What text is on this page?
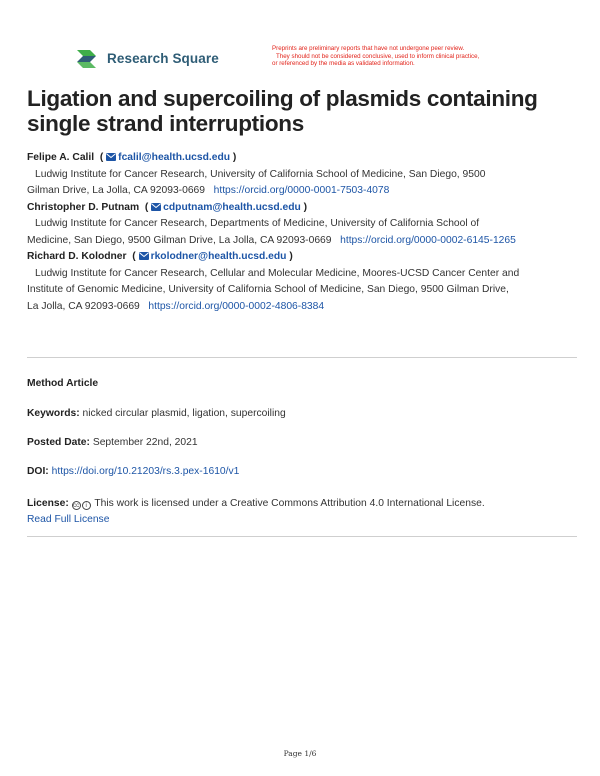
Research Square
Preprints are preliminary reports that have not undergone peer review.
They should not be considered conclusive, used to inform clinical practice,
or referenced by the media as validated information.
Ligation and supercoiling of plasmids containing single strand interruptions
Felipe A. Calil  ( fcalil@health.ucsd.edu )
Ludwig Institute for Cancer Research, University of California School of Medicine, San Diego, 9500
Gilman Drive, La Jolla, CA 92093-0669 https://orcid.org/0000-0001-7503-4078
Christopher D. Putnam  ( cdputnam@health.ucsd.edu )
Ludwig Institute for Cancer Research, Departments of Medicine, University of California School of
Medicine, San Diego, 9500 Gilman Drive, La Jolla, CA 92093-0669 https://orcid.org/0000-0002-6145-1265
Richard D. Kolodner  ( rkolodner@health.ucsd.edu )
Ludwig Institute for Cancer Research, Cellular and Molecular Medicine, Moores-UCSD Cancer Center and
Institute of Genomic Medicine, University of California School of Medicine, San Diego, 9500 Gilman Drive,
La Jolla, CA 92093-0669 https://orcid.org/0000-0002-4806-8384
Method Article
Keywords: nicked circular plasmid, ligation, supercoiling
Posted Date: September 22nd, 2021
DOI: https://doi.org/10.21203/rs.3.pex-1610/v1
License: cc i This work is licensed under a Creative Commons Attribution 4.0 International License.
Read Full License
Page 1/6
